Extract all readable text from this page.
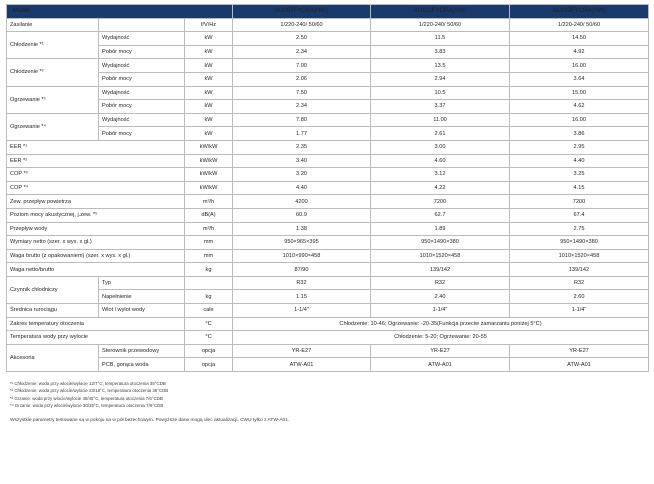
Model			AU082FYCRA(HW)	AU112FYCRA(HW)	AU162FYCRA(HW)
Zasilanie		f/V/Hz	1/220-240/ 50/60	1/220-240/ 50/60	1/220-240/ 50/60
Chłodzenie *¹	Wydajność	kW	2.50	11.5	14.50
	Pobór mocy	kW	2.34	3.83	4.92
Chłodzenie *²	Wydajność	kW	7.00	13.5	16.00
	Pobór mocy	kW	2.06	2.94	3.64
Ogrzewanie *³	Wydajność	kW	7.50	10.5	15.00
	Pobór mocy	kW	2.34	3.37	4.62
Ogrzewanie *⁴	Wydajność	kW	7.80	11.00	16.00
	Pobór mocy	kW	1.77	2.61	3.86
EER *¹		kW/kW	2.35	3.00	2.95
EER *²		kW/kW	3.40	4.60	4.40
COP *³		kW/kW	3.20	3.12	3.25
COP *⁴		kW/kW	4.40	4.22	4.15
Zew. przepływ powietrza		m³/h	4200	7200	7200
Poziom mocy akustycznej, j.zew. *⁵		dB(A)	60.9	62.7	67.4
Przepływ wody		m³/h	1.38	1.89	2.75
Wymiary netto (szer. x wys. x gł.)		mm	950×965×395	950×1490×380	950×1490×380
Waga brutto (z opakowaniem) (szer. x wys. x gł.)		mm	1010×990×458	1010×1520×458	1010×1520×458
Waga netto/brutto		kg	87/90	139/142	139/142
Czynnik chłodniczy	Typ		R32	R32	R32
	Napełnienie	kg	1.15	2.40	2.60
Średnica rurociągu	Wlot i wylot wody	cale	1-1/4"	1-1/4"	1-1/4"
Zakres temperatury otoczenia		°C	Chłodzenie: 10-46; Ogrzewanie: -20-35(Funkcja przeciw zamarzaniu poniżej 5°C)		
Temperatura wody przy wylocie		°C	Chłodzenie: 5-20; Ogrzewanie: 20-55		
Akcesoria	Sterownik przewodowy	opcja	YR-E27	YR-E27	YR-E27
	PCB, gorąca woda	opcja	ATW-A01	ATW-A01	ATW-A01
*¹ Chłodzenie: woda przy wlocie/wylocie 12/7°C, temperatura otoczenia 35°CDB
*² Chłodzenie: woda przy wlocie/wylocie 23/18°C, temperatura otoczenia 35°CDB
*³ Grzanie: woda przy wlocie/wylocie 40/45°C, temperatura otoczenia 7/6°CDB
*⁴ Grzanie: woda przy wlocie/wylocie 30/35°C, temperatura otoczenia 7/6°CDB
Wszystkie parametry testowane są w pokoju na w pół bezechowym. Powyższe dane mogą ulec aktualizacji. CWU tylko z ATW-A01.
